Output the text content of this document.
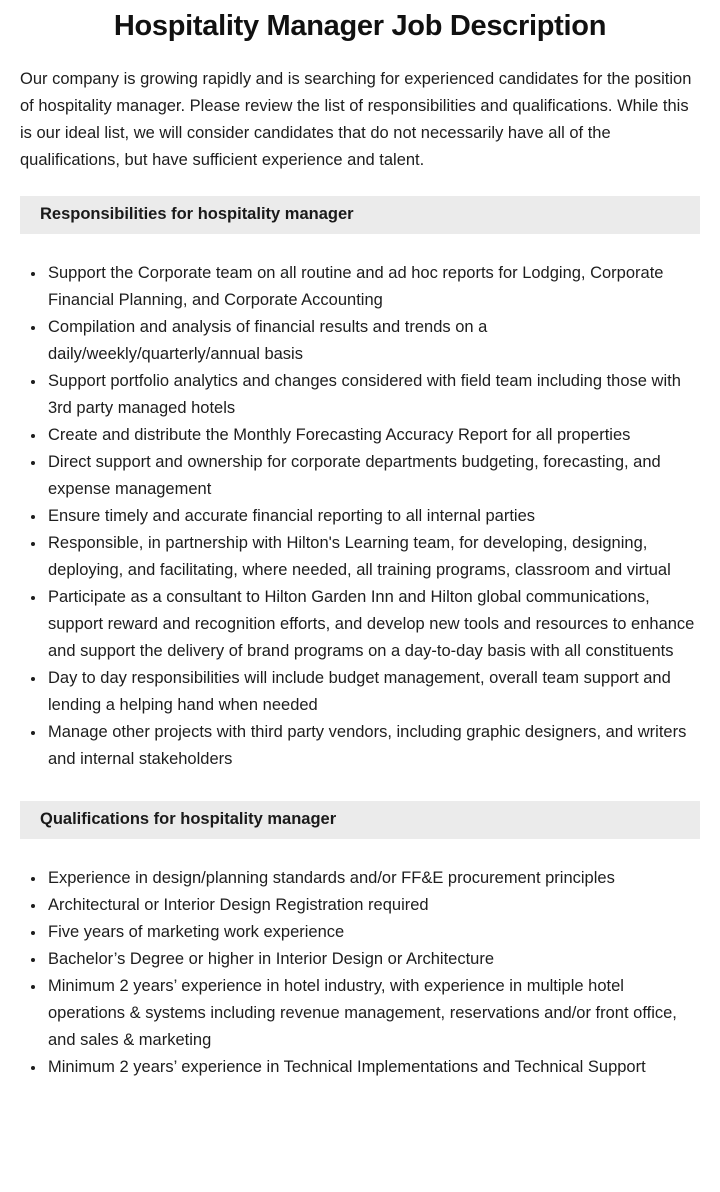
Hospitality Manager Job Description

Our company is growing rapidly and is searching for experienced candidates for the position of hospitality manager. Please review the list of responsibilities and qualifications. While this is our ideal list, we will consider candidates that do not necessarily have all of the qualifications, but have sufficient experience and talent.

Responsibilities for hospitality manager
• Support the Corporate team on all routine and ad hoc reports for Lodging, Corporate Financial Planning, and Corporate Accounting
• Compilation and analysis of financial results and trends on a daily/weekly/quarterly/annual basis
• Support portfolio analytics and changes considered with field team including those with 3rd party managed hotels
• Create and distribute the Monthly Forecasting Accuracy Report for all properties
• Direct support and ownership for corporate departments budgeting, forecasting, and expense management
• Ensure timely and accurate financial reporting to all internal parties
• Responsible, in partnership with Hilton's Learning team, for developing, designing, deploying, and facilitating, where needed, all training programs, classroom and virtual
• Participate as a consultant to Hilton Garden Inn and Hilton global communications, support reward and recognition efforts, and develop new tools and resources to enhance and support the delivery of brand programs on a day-to-day basis with all constituents
• Day to day responsibilities will include budget management, overall team support and lending a helping hand when needed
• Manage other projects with third party vendors, including graphic designers, and writers and internal stakeholders
Qualifications for hospitality manager
• Experience in design/planning standards and/or FF&E procurement principles
• Architectural or Interior Design Registration required
• Five years of marketing work experience
• Bachelor’s Degree or higher in Interior Design or Architecture
• Minimum 2 years’ experience in hotel industry, with experience in multiple hotel operations & systems including revenue management, reservations and/or front office, and sales & marketing
• Minimum 2 years’ experience in Technical Implementations and Technical Support
